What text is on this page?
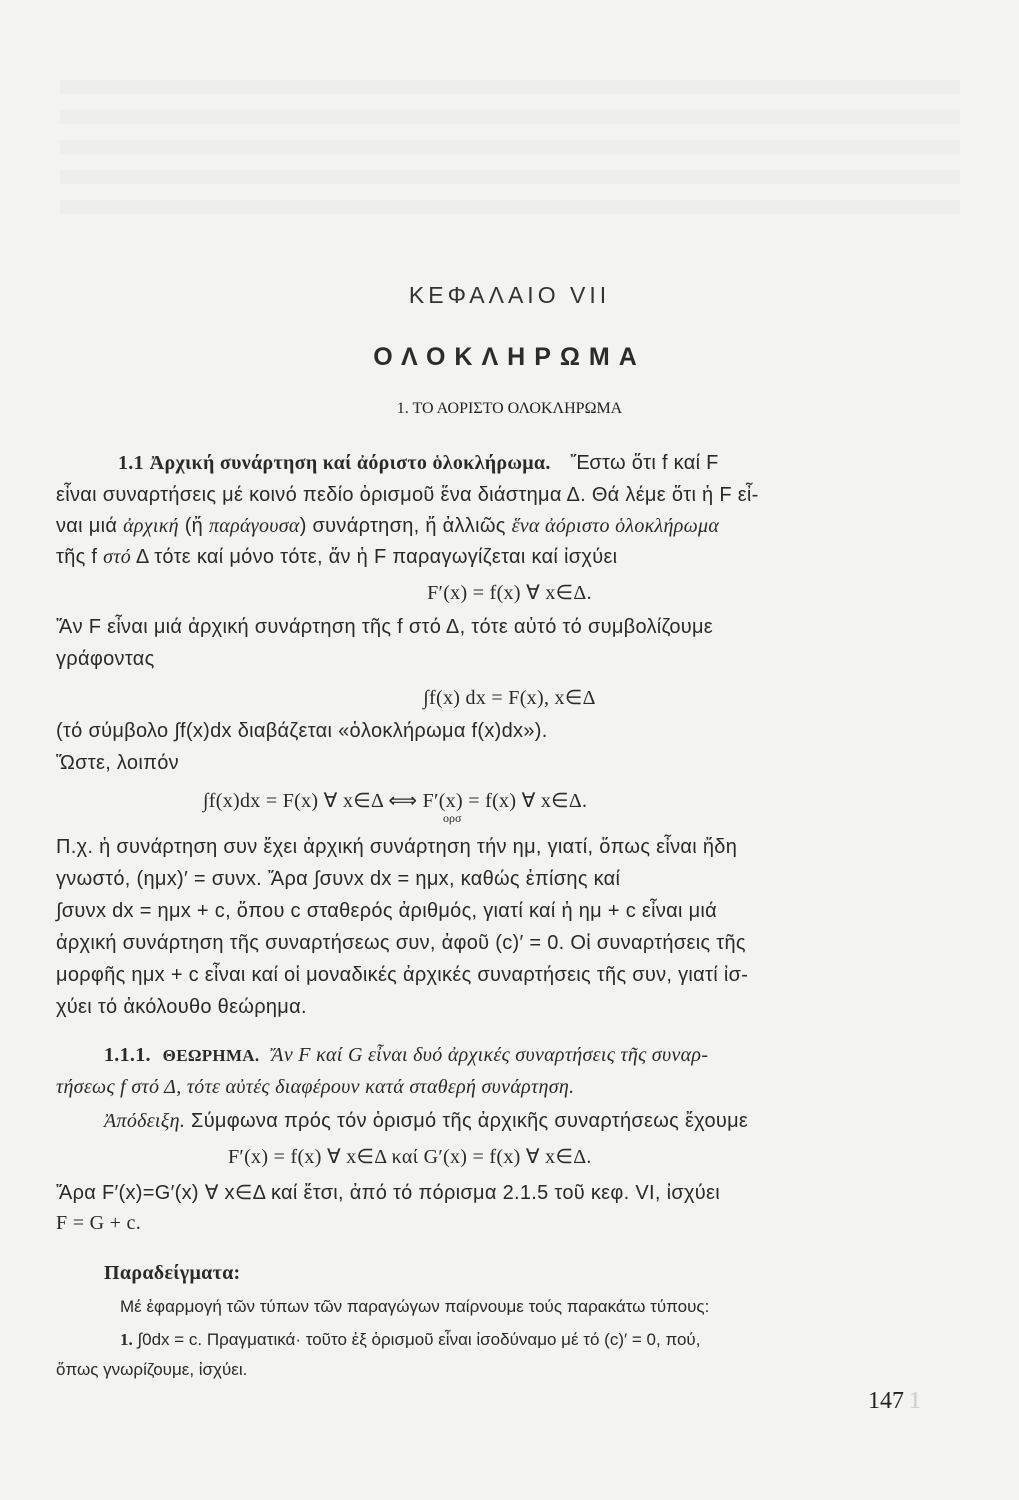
ΚΕΦΑΛΑΙΟ VII
ΟΛΟΚΛΗΡΩΜΑ
1. ΤΟ ΑΟΡΙΣΤΟ ΟΛΟΚΛΗΡΩΜΑ
1.1 Ἀρχική συνάρτηση καί ἀόριστο ὁλοκλήρωμα. Ἔστω ὅτι f καί F
εἶναι συναρτήσεις μέ κοινό πεδίο ὁρισμοῦ ἕνα διάστημα Δ. Θά λέμε ὅτι ἡ F εἶ-
ναι μιά ἀρχική (ἤ παράγουσα) συνάρτηση, ἤ ἀλλιῶς ἕνα ἀόριστο ὁλοκλήρωμα
τῆς f στό Δ τότε καί μόνο τότε, ἄν ἡ F παραγωγίζεται καί ἰσχύει
F′(x) = f(x) ∀ x∈Δ.
Ἄν F εἶναι μιά ἀρχική συνάρτηση τῆς f στό Δ, τότε αὐτό τό συμβολίζουμε
γράφοντας
∫f(x) dx = F(x), x∈Δ
(τό σύμβολο ∫f(x)dx διαβάζεται «ὁλοκλήρωμα f(x)dx»).
Ὥστε, λοιπόν
∫f(x)dx = F(x) ∀ x∈Δ ⟺ F′(x) = f(x) ∀ x∈Δ.
ορσ
Π.χ. ἡ συνάρτηση συν ἔχει ἀρχική συνάρτηση τήν ημ, γιατί, ὅπως εἶναι ἤδη
γνωστό, (ημx)′ = συνx. Ἄρα ∫συνx dx = ημx, καθώς ἐπίσης καί
∫συνx dx = ημx + c, ὅπου c σταθερός ἀριθμός, γιατί καί ἡ ημ + c εἶναι μιά
ἀρχική συνάρτηση τῆς συναρτήσεως συν, ἀφοῦ (c)′ = 0. Οἱ συναρτήσεις τῆς
μορφῆς ημx + c εἶναι καί οἱ μοναδικές ἀρχικές συναρτήσεις τῆς συν, γιατί ἰσ-
χύει τό ἀκόλουθο θεώρημα.
1.1.1. ΘΕΩΡΗΜΑ. Ἄν F καί G εἶναι δυό ἀρχικές συναρτήσεις τῆς συναρ-
τήσεως f στό Δ, τότε αὐτές διαφέρουν κατά σταθερή συνάρτηση.
Ἀπόδειξη. Σύμφωνα πρός τόν ὁρισμό τῆς ἀρχικῆς συναρτήσεως ἔχουμε
F′(x) = f(x) ∀ x∈Δ καί G′(x) = f(x) ∀ x∈Δ.
Ἄρα F′(x)=G′(x) ∀ x∈Δ καί ἔτσι, ἀπό τό πόρισμα 2.1.5 τοῦ κεφ. VI, ἰσχύει
F = G + c.
Παραδείγματα:
Μέ ἐφαρμογή τῶν τύπων τῶν παραγώγων παίρνουμε τούς παρακάτω τύπους:
1. ∫0dx = c. Πραγματικά· τοῦτο ἐξ ὁρισμοῦ εἶναι ἰσοδύναμο μέ τό (c)′ = 0, πού,
ὅπως γνωρίζουμε, ἰσχύει.
147 1
